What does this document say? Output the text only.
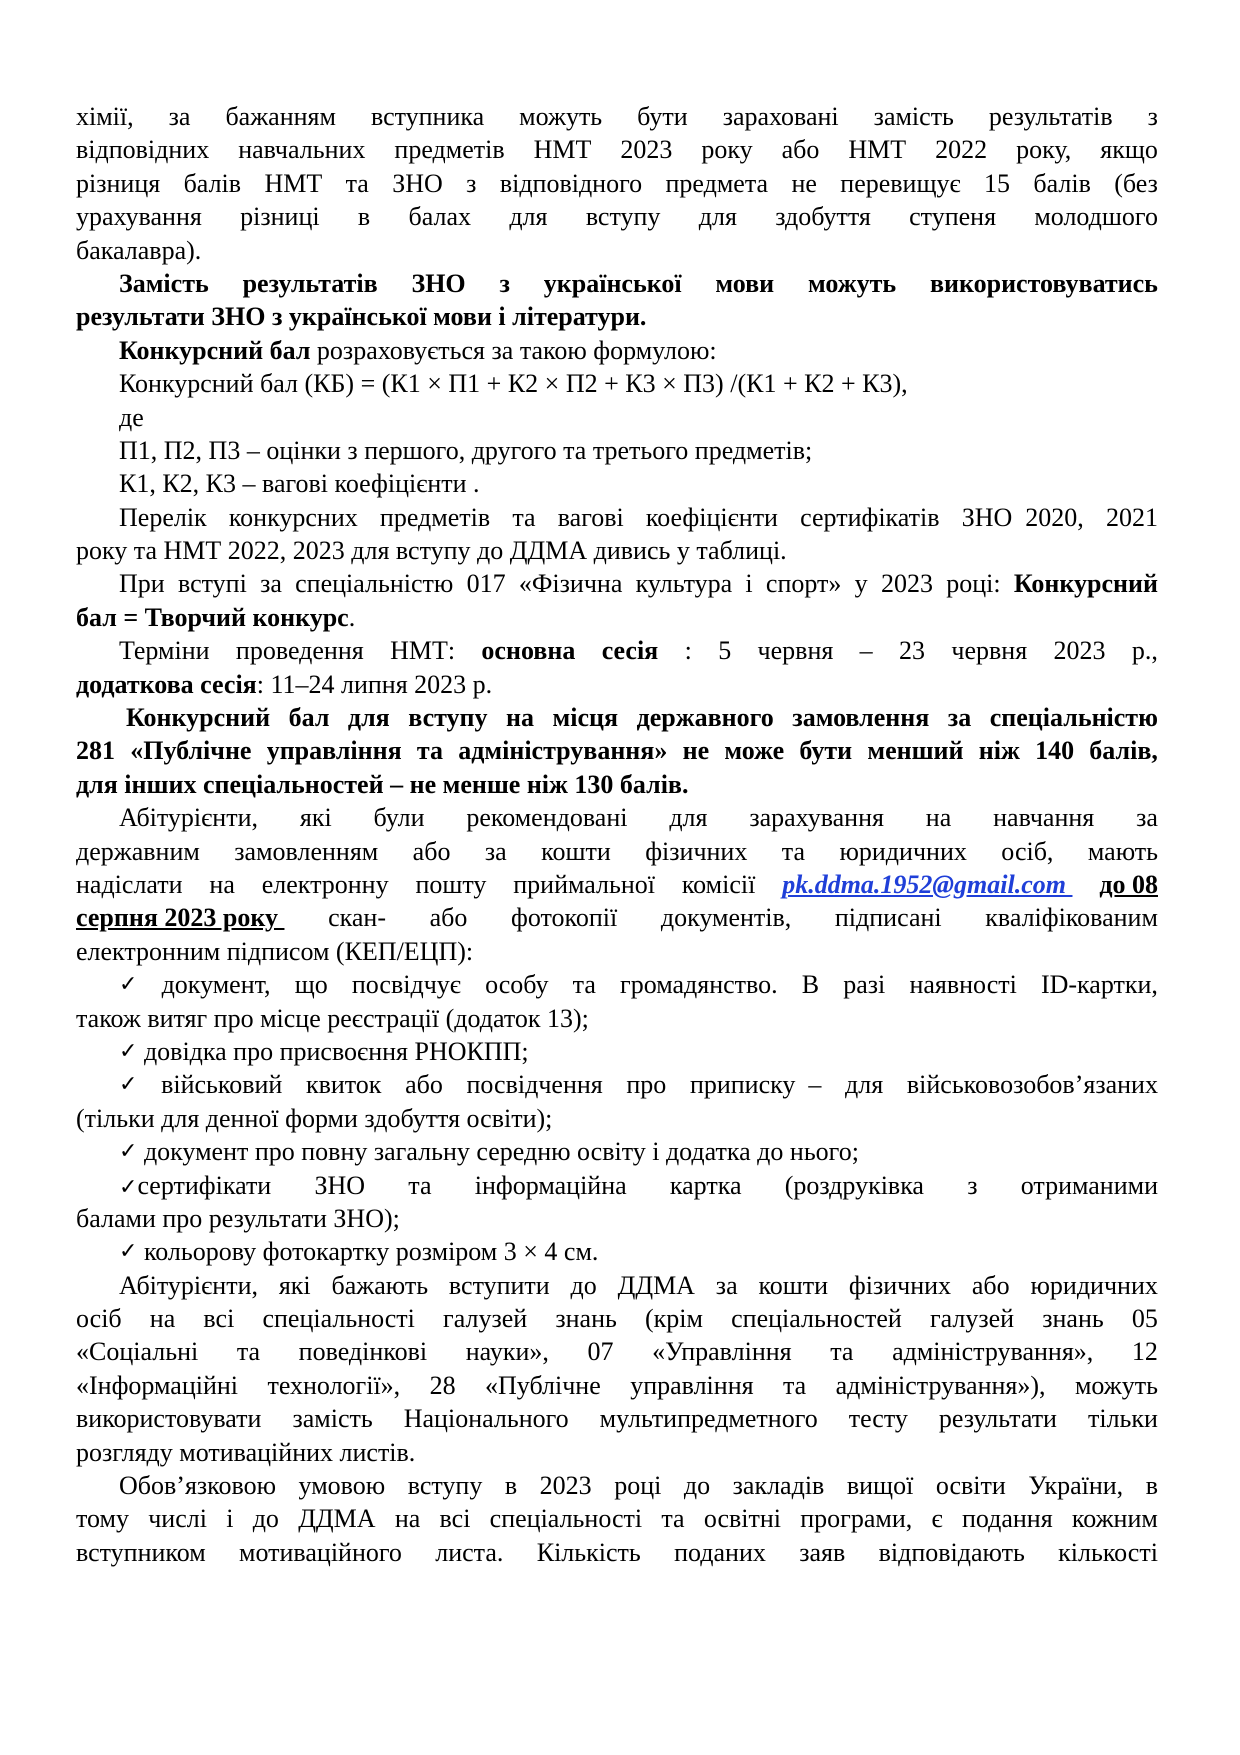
хімії, за бажанням вступника можуть бути зараховані замість результатів з
відповідних навчальних предметів НМТ 2023 року або НМТ 2022 року, якщо
різниця балів НМТ та ЗНО з відповідного предмета не перевищує 15 балів (без
урахування різниці в балах для вступу для здобуття ступеня молодшого
бакалавра).
Замість результатів ЗНО з української мови можуть використовуватись
результати ЗНО з української мови і літератури.
Конкурсний бал розраховується за такою формулою:
Конкурсний бал (КБ) = (К1 × П1 + К2 × П2 + К3 × П3) /(К1 + К2 + К3),
де
П1, П2, П3 – оцінки з першого, другого та третього предметів;
К1, К2, К3 – вагові коефіцієнти .
Перелік конкурсних предметів та вагові коефіцієнти сертифікатів ЗНО  2020, 2021
року та НМТ 2022, 2023 для вступу до ДДМА дивись у таблиці.
При вступі за спеціальністю 017 «Фізична культура і спорт» у 2023 році: Конкурсний
бал = Творчий конкурс .
Терміни проведення НМТ: основна сесія : 5 червня – 23 червня 2023 р.,
додаткова сесія : 11–24 липня 2023 р.
Конкурсний бал для вступу на місця державного замовлення за спеціальністю
281 «Публічне управління та адміністрування» не може бути менший ніж 140 балів,
для інших спеціальностей – не менше ніж 130 балів.
Абітурієнти, які були рекомендовані для зарахування на навчання за
державним замовленням або за кошти фізичних та юридичних осіб, мають
надіслати на електронну пошту приймальної комісії pk.ddma.1952@gmail.com до 08
серпня 2023 року скан- або фотокопії документів, підписані кваліфікованим
електронним підписом (КЕП/ЕЦП):
✓ документ, що посвідчує особу та громадянство. В разі наявності ID-картки,
також витяг про місце реєстрації (додаток 13);
✓ довідка про присвоєння РНОКПП;
✓ військовий квиток або посвідчення про приписку  – для військовозобов’язаних
(тільки для денної форми здобуття освіти);
✓ документ про повну загальну середню освіту і додатка до нього;
✓сертифікати ЗНО та інформаційна картка (роздруківка з отриманими
балами про результати ЗНО);
✓ кольорову фотокартку розміром 3 × 4 см.
Абітурієнти, які бажають вступити до ДДМА за кошти фізичних або юридичних
осіб на всі спеціальності галузей знань (крім спеціальностей галузей знань 05
«Соціальні та поведінкові науки», 07 «Управління та адміністрування», 12
«Інформаційні технології», 28 «Публічне управління та адміністрування»), можуть
використовувати замість Національного мультипредметного тесту результати тільки
розгляду мотиваційних листів.
Обов’язковою умовою вступу в 2023 році до закладів вищої освіти України, в
тому числі і до ДДМА на всі спеціальності та освітні програми, є подання кожним
вступником мотиваційного листа. Кількість поданих заяв відповідають кількості
